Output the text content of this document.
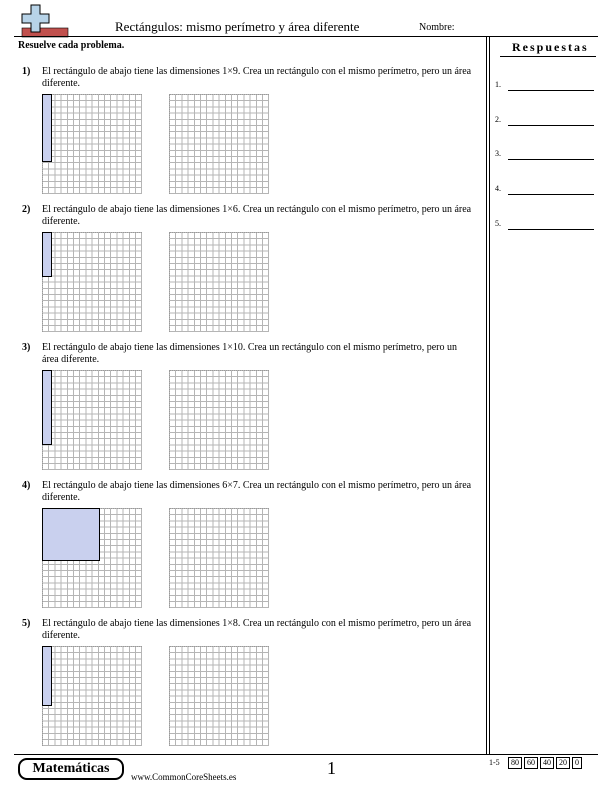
Rectángulos: mismo perímetro y área diferente	Nombre:
Resuelve cada problema.	Respuestas
1.
2.
3.
4.
5.
1) El rectángulo de abajo tiene las dimensiones 1×9. Crea un rectángulo con el mismo perímetro, pero un área diferente.
2) El rectángulo de abajo tiene las dimensiones 1×6. Crea un rectángulo con el mismo perímetro, pero un área diferente.
3) El rectángulo de abajo tiene las dimensiones 1×10. Crea un rectángulo con el mismo perímetro, pero un área diferente.
4) El rectángulo de abajo tiene las dimensiones 6×7. Crea un rectángulo con el mismo perímetro, pero un área diferente.
5) El rectángulo de abajo tiene las dimensiones 1×8. Crea un rectángulo con el mismo perímetro, pero un área diferente.
Matemáticas
www.CommonCoreSheets.es	1	1-5	80	60	40	20	0
